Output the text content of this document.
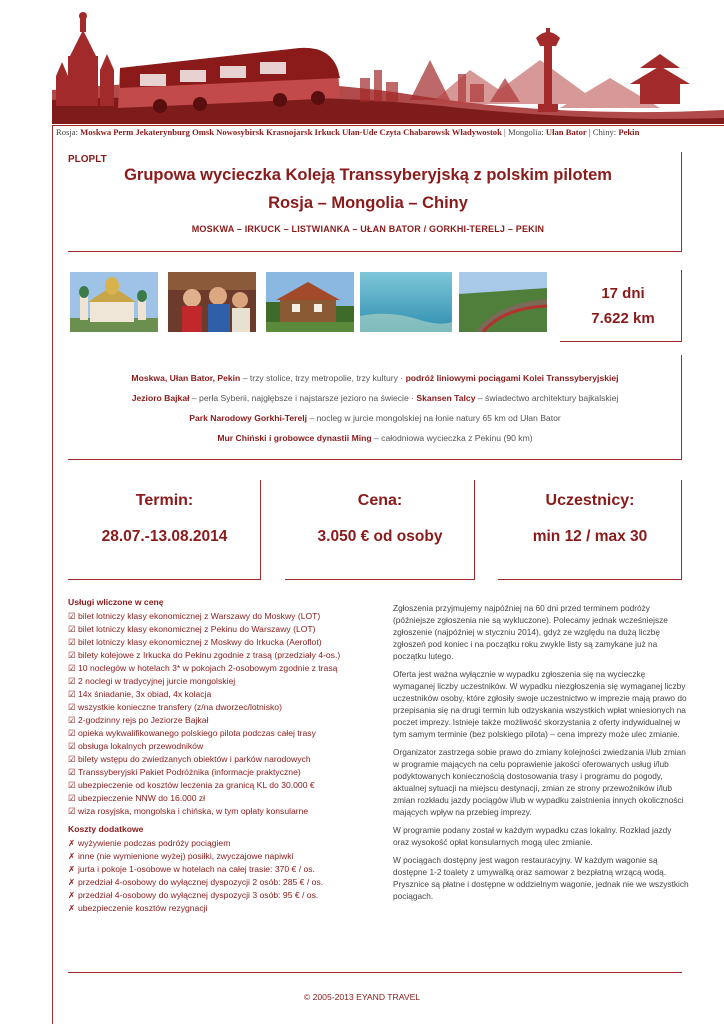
Rosja: Moskwa Perm Jekaterynburg Omsk Nowosybirsk Krasnojarsk Irkuck Ułan-Ude Czyta Chabarowsk Władywostok | Mongolia: Ułan Bator | Chiny: Pekin
PLOPLT
Grupowa wycieczka Koleją Transsyberyjską z polskim pilotem
Rosja – Mongolia – Chiny
MOSKWA – IRKUCK – LISTWIANKA – UŁAN BATOR / GORKHI-TERELJ – PEKIN
17 dni
7.622 km
Moskwa, Ułan Bator, Pekin – trzy stolice, trzy metropolie, trzy kultury · podróż liniowymi pociągami Kolei Transsyberyjskiej
Jezioro Bajkał – perła Syberii, najgłębsze i najstarsze jezioro na świecie · Skansen Talcy – świadectwo architektury bajkalskiej
Park Narodowy Gorkhi-Terelj – nocleg w jurcie mongolskiej na łonie natury 65 km od Ułan Bator
Mur Chiński i grobowce dynastii Ming – całodniowa wycieczka z Pekinu (90 km)
Termin:
28.07.-13.08.2014
Cena:
3.050 € od osoby
Uczestnicy:
min 12 / max 30
Usługi wliczone w cenę
☑ bilet lotniczy klasy ekonomicznej z Warszawy do Moskwy (LOT)
☑ bilet lotniczy klasy ekonomicznej z Pekinu do Warszawy (LOT)
☑ bilet lotniczy klasy ekonomicznej z Moskwy do Irkucka (Aeroflot)
☑ bilety kolejowe z Irkucka do Pekinu zgodnie z trasą (przedziały 4-os.)
☑ 10 noclegów w hotelach 3* w pokojach 2-osobowym zgodnie z trasą
☑ 2 noclegi w tradycyjnej jurcie mongolskiej
☑ 14x śniadanie, 3x obiad, 4x kolacja
☑ wszystkie konieczne transfery (z/na dworzec/lotnisko)
☑ 2-godzinny rejs po Jeziorze Bajkał
☑ opieka wykwalifikowanego polskiego pilota podczas całej trasy
☑ obsługa lokalnych przewodników
☑ bilety wstępu do zwiedzanych obiektów i parków narodowych
☑ Transsyberyjski Pakiet Podróżnika (informacje praktyczne)
☑ ubezpieczenie od kosztów leczenia za granicą KL do 30.000 €
☑ ubezpieczenie NNW do 16.000 zł
☑ wiza rosyjska, mongolska i chińska, w tym opłaty konsularne
Koszty dodatkowe
✗ wyżywienie podczas podróży pociągiem
✗ inne (nie wymienione wyżej) posiłki, zwyczajowe napiwki
✗ jurta i pokoje 1-osobowe w hotelach na całej trasie: 370 € / os.
✗ przedział 4-osobowy do wyłącznej dyspozycji 2 osób: 285 € / os.
✗ przedział 4-osobowy do wyłącznej dyspozycji 3 osób: 95 € / os.
✗ ubezpieczenie kosztów rezygnacji

Zgłoszenia przyjmujemy najpóźniej na 60 dni przed terminem podróży (późniejsze zgłoszenia nie są wykluczone). Polecamy jednak wcześniejsze zgłoszenie (najpóźniej w styczniu 2014), gdyż ze względu na dużą liczbę zgłoszeń pod koniec i na początku roku zwykle listy są zamykane już na początku lutego.

Oferta jest ważna wyłącznie w wypadku zgłoszenia się na wycieczkę wymaganej liczby uczestników. W wypadku niezgłoszenia się wymaganej liczby uczestników osoby, które zgłosiły swoje uczestnictwo w imprezie mają prawo do przepisania się na drugi termin lub odzyskania wszystkich wpłat wniesionych na poczet imprezy. Istnieje także możliwość skorzystania z oferty indywidualnej w tym samym terminie (bez polskiego pilota) – cena imprezy może ulec zmianie.

Organizator zastrzega sobie prawo do zmiany kolejności zwiedzania i/lub zmian w programie mających na celu poprawienie jakości oferowanych usług i/lub podyktowanych koniecznością dostosowania trasy i programu do pogody, aktualnej sytuacji na miejscu destynacji, zmian ze strony przewoźników i/lub zmian rozkładu jazdy pociągów i/lub w wypadku zaistnienia innych okoliczności mających wpływ na przebieg imprezy.

W programie podany został w każdym wypadku czas lokalny. Rozkład jazdy oraz wysokość opłat konsularnych mogą ulec zmianie.

W pociągach dostępny jest wagon restauracyjny. W każdym wagonie są dostępne 1-2 toalety z umywalką oraz samowar z bezpłatną wrzącą wodą. Prysznice są płatne i dostępne w oddzielnym wagonie, jednak nie we wszystkich pociągach.

© 2005-2013 EYAND TRAVEL
